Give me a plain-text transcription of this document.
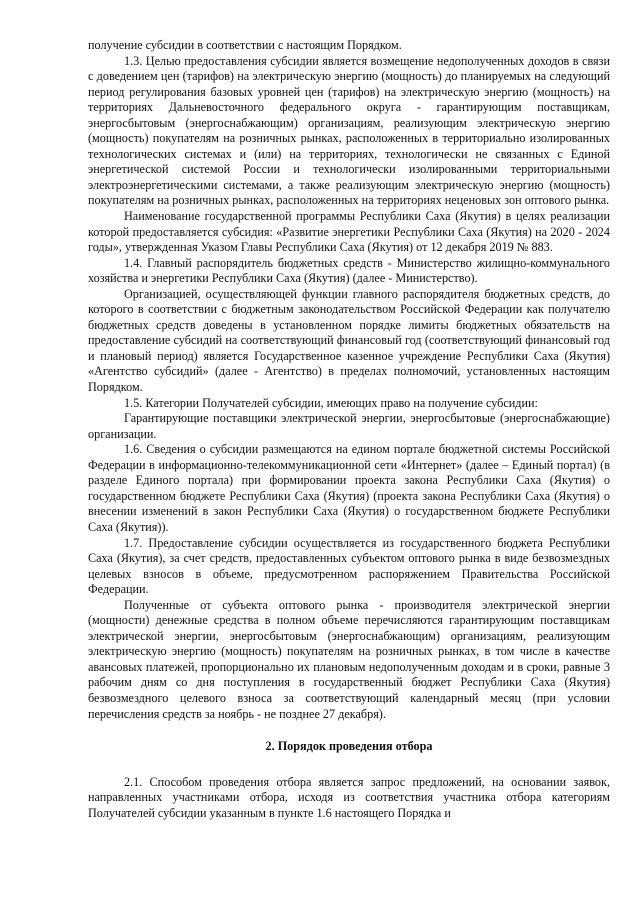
получение субсидии в соответствии с настоящим Порядком.

1.3. Целью предоставления субсидии является возмещение недополученных доходов в связи с доведением цен (тарифов) на электрическую энергию (мощность) до планируемых на следующий период регулирования базовых уровней цен (тарифов) на электрическую энергию (мощность) на территориях Дальневосточного федерального округа - гарантирующим поставщикам, энергосбытовым (энергоснабжающим) организациям, реализующим электрическую энергию (мощность) покупателям на розничных рынках, расположенных в территориально изолированных технологических системах и (или) на территориях, технологически не связанных с Единой энергетической системой России и технологически изолированными территориальными электроэнергетическими системами, а также реализующим электрическую энергию (мощность) покупателям на розничных рынках, расположенных на территориях неценовых зон оптового рынка.

Наименование государственной программы Республики Саха (Якутия) в целях реализации которой предоставляется субсидия: «Развитие энергетики Республики Саха (Якутия) на 2020 - 2024 годы», утвержденная Указом Главы Республики Саха (Якутия) от 12 декабря 2019 № 883.

1.4. Главный распорядитель бюджетных средств - Министерство жилищно-коммунального хозяйства и энергетики Республики Саха (Якутия) (далее - Министерство).

Организацией, осуществляющей функции главного распорядителя бюджетных средств, до которого в соответствии с бюджетным законодательством Российской Федерации как получателю бюджетных средств доведены в установленном порядке лимиты бюджетных обязательств на предоставление субсидий на соответствующий финансовый год (соответствующий финансовый год и плановый период) является Государственное казенное учреждение Республики Саха (Якутия) «Агентство субсидий» (далее - Агентство) в пределах полномочий, установленных настоящим Порядком.

1.5. Категории Получателей субсидии, имеющих право на получение субсидии:

Гарантирующие поставщики электрической энергии, энергосбытовые (энергоснабжающие) организации.

1.6. Сведения о субсидии размещаются на едином портале бюджетной системы Российской Федерации в информационно-телекоммуникационной сети «Интернет» (далее – Единый портал) (в разделе Единого портала) при формировании проекта закона Республики Саха (Якутия) о государственном бюджете Республики Саха (Якутия) (проекта закона Республики Саха (Якутия) о внесении изменений в закон Республики Саха (Якутия) о государственном бюджете Республики Саха (Якутия)).

1.7. Предоставление субсидии осуществляется из государственного бюджета Республики Саха (Якутия), за счет средств, предоставленных субъектом оптового рынка в виде безвозмездных целевых взносов в объеме, предусмотренном распоряжением Правительства Российской Федерации.

Полученные от субъекта оптового рынка - производителя электрической энергии (мощности) денежные средства в полном объеме перечисляются гарантирующим поставщикам электрической энергии, энергосбытовым (энергоснабжающим) организациям, реализующим электрическую энергию (мощность) покупателям на розничных рынках, в том числе в качестве авансовых платежей, пропорционально их плановым недополученным доходам и в сроки, равные 3 рабочим дням со дня поступления в государственный бюджет Республики Саха (Якутия) безвозмездного целевого взноса за соответствующий календарный месяц (при условии перечисления средств за ноябрь - не позднее 27 декабря).

2. Порядок проведения отбора

2.1. Способом проведения отбора является запрос предложений, на основании заявок, направленных участниками отбора, исходя из соответствия участника отбора категориям Получателей субсидии указанным в пункте 1.6 настоящего Порядка и
